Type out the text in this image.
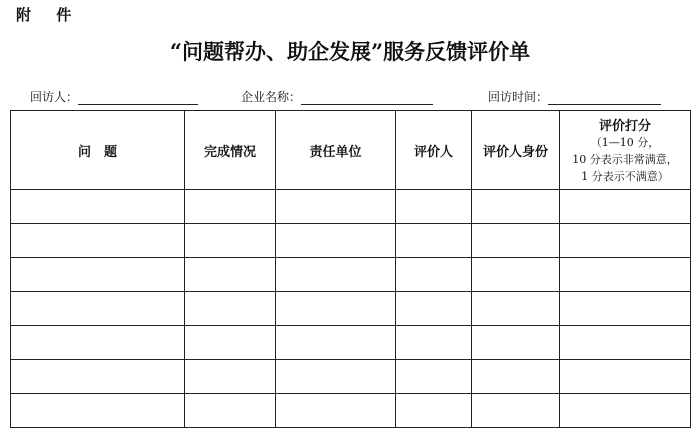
附 件
“问题帮办、助企发展”服务反馈评价单
回访人：	企业名称：	回访时间：
问　题	完成情况	责任单位	评价人	评价人身份	评价打分
（1—10 分，
10 分表示非常满意，
1 分表示不满意）
